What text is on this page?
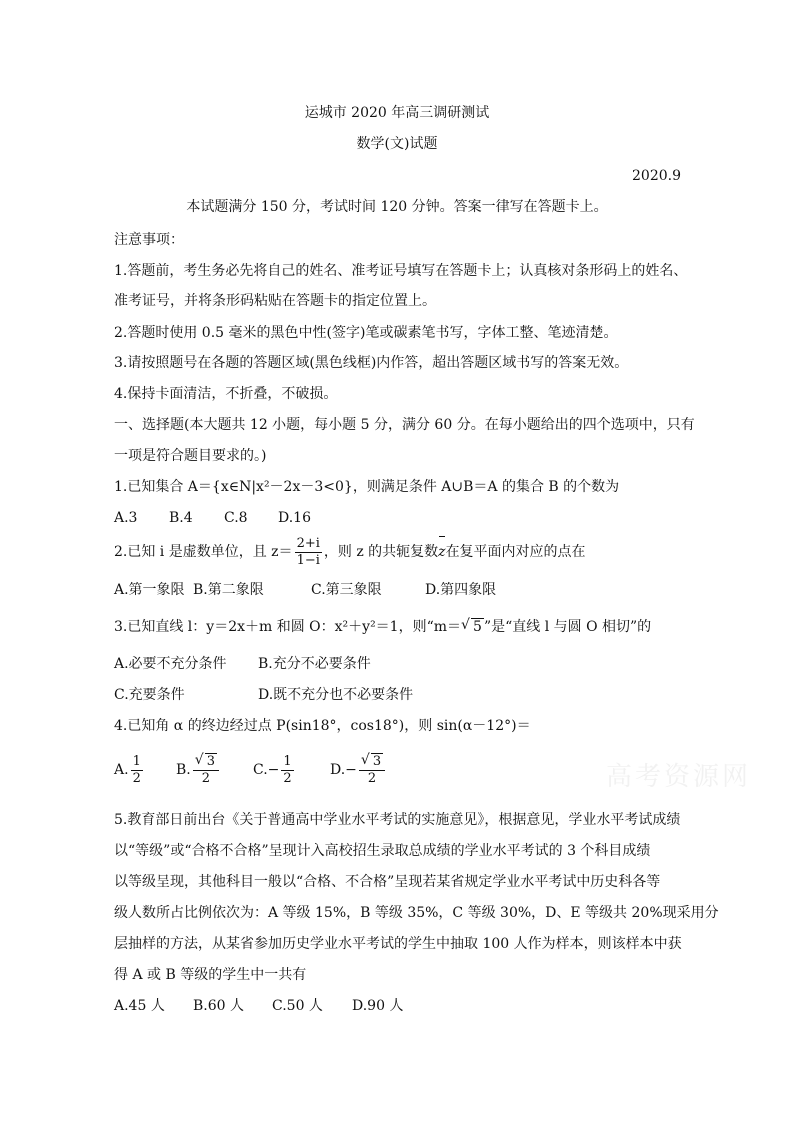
运城市 2020 年高三调研测试
数学(文)试题
2020.9
本试题满分 150 分，考试时间 120 分钟。答案一律写在答题卡上。
注意事项：
1.答题前，考生务必先将自己的姓名、准考证号填写在答题卡上；认真核对条形码上的姓名、
准考证号，并将条形码粘贴在答题卡的指定位置上。
2.答题时使用 0.5 毫米的黑色中性(签字)笔或碳素笔书写，字体工整、笔迹清楚。
3.请按照题号在各题的答题区域(黑色线框)内作答，超出答题区域书写的答案无效。
4.保持卡面清洁，不折叠，不破损。
一、选择题(本大题共 12 小题，每小题 5 分，满分 60 分。在每小题给出的四个选项中，只有
一项是符合题目要求的。)
1.已知集合 A＝{x∈N|x²－2x－3<0}，则满足条件 A∪B＝A 的集合 B 的个数为
A.3 B.4 C.8 D.16
2.已知 i 是虚数单位，且 $z= \frac{2+i}{1-i}$ ，则 z 的共轭复数z在复平面内对应的点在
A.第一象限 B.第二象限	C.第三象限	D.第四象限
3.已知直线 l：y＝2x＋m 和圆 O：x²＋y²＝1，则“m＝ √ 5 ”是“直线 l 与圆 O 相切”的
A.必要不充分条件 B.充分不必要条件
C.充要条件	D.既不充分也不必要条件
4.已知角 α 的终边经过点 P(sin18°，cos18°)，则 sin(α－12°)＝
A. $\frac{1}{2} B$. √ $\frac{3}{2} C.- \frac{1}{2}$	D.− √ $\frac{3}{2}$
5.教育部日前出台《关于普通高中学业水平考试的实施意见》，根据意见，学业水平考试成绩
以“等级”或“合格不合格”呈现计入高校招生录取总成绩的学业水平考试的 3 个科目成绩
以等级呈现，其他科目一般以“合格、不合格”呈现若某省规定学业水平考试中历史科各等
级人数所占比例依次为：A 等级 15%，B 等级 35%，C 等级 30%，D、E 等级共 20%现采用分
层抽样的方法，从某省参加历史学业水平考试的学生中抽取 100 人作为样本，则该样本中获
得 A 或 B 等级的学生中一共有
A.45 人 B.60 人 C.50 人 D.90 人
高考资源网
